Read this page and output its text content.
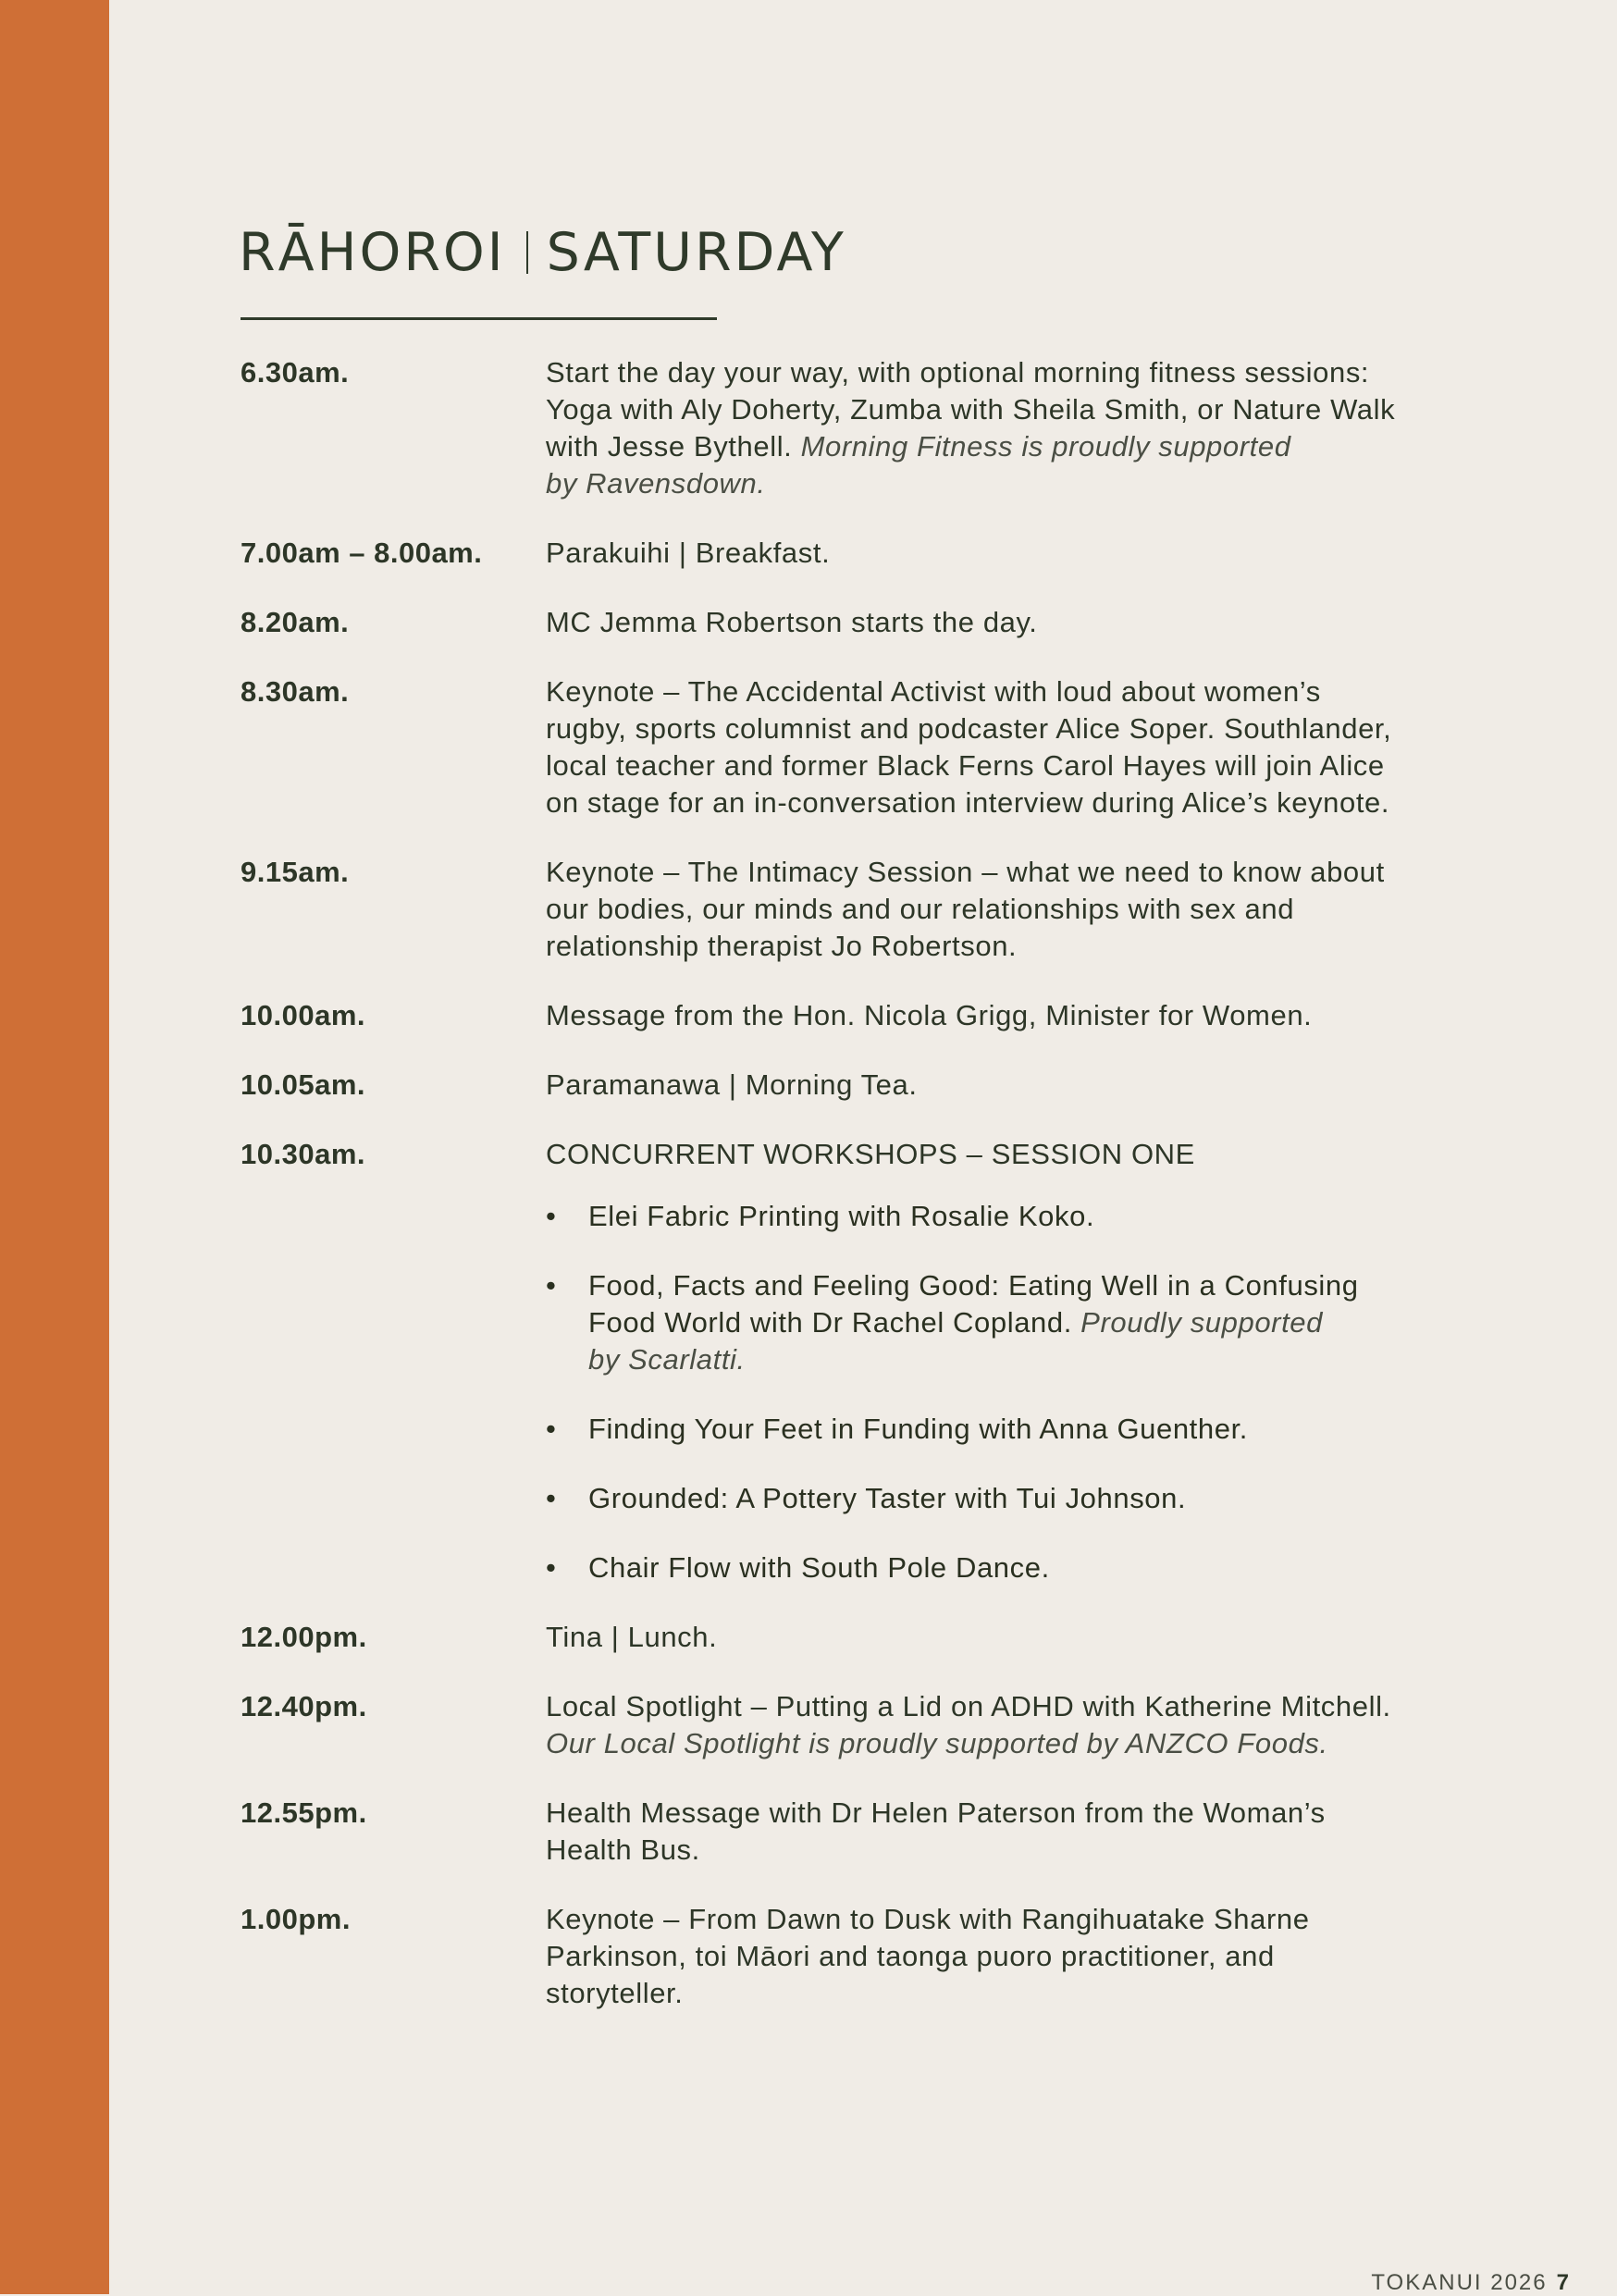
RĀHOROI SATURDAY
6.30am.	Start the day your way, with optional morning fitness sessions:
Yoga with Aly Doherty, Zumba with Sheila Smith, or Nature Walk
with Jesse Bythell. Morning Fitness is proudly supported
by Ravensdown.
7.00am – 8.00am.	Parakuihi | Breakfast.
8.20am.	MC Jemma Robertson starts the day.
8.30am.	Keynote – The Accidental Activist with loud about women’s
rugby, sports columnist and podcaster Alice Soper. Southlander,
local teacher and former Black Ferns Carol Hayes will join Alice
on stage for an in-conversation interview during Alice’s keynote.
9.15am.	Keynote – The Intimacy Session – what we need to know about
our bodies, our minds and our relationships with sex and
relationship therapist Jo Robertson.
10.00am.	Message from the Hon. Nicola Grigg, Minister for Women.
10.05am.	Paramanawa | Morning Tea.
10.30am.	CONCURRENT WORKSHOPS – SESSION ONE
•	Elei Fabric Printing with Rosalie Koko.
•	Food, Facts and Feeling Good: Eating Well in a Confusing
Food World with Dr Rachel Copland. Proudly supported
by Scarlatti.
•	Finding Your Feet in Funding with Anna Guenther.
•	Grounded: A Pottery Taster with Tui Johnson.
•	Chair Flow with South Pole Dance.
12.00pm.	Tina | Lunch.
12.40pm.	Local Spotlight – Putting a Lid on ADHD with Katherine Mitchell.
Our Local Spotlight is proudly supported by ANZCO Foods.
12.55pm.	Health Message with Dr Helen Paterson from the Woman’s
Health Bus.
1.00pm.	Keynote – From Dawn to Dusk with Rangihuatake Sharne
Parkinson, toi Māori and taonga puoro practitioner, and
storyteller.
TOKANUI 2026 7
